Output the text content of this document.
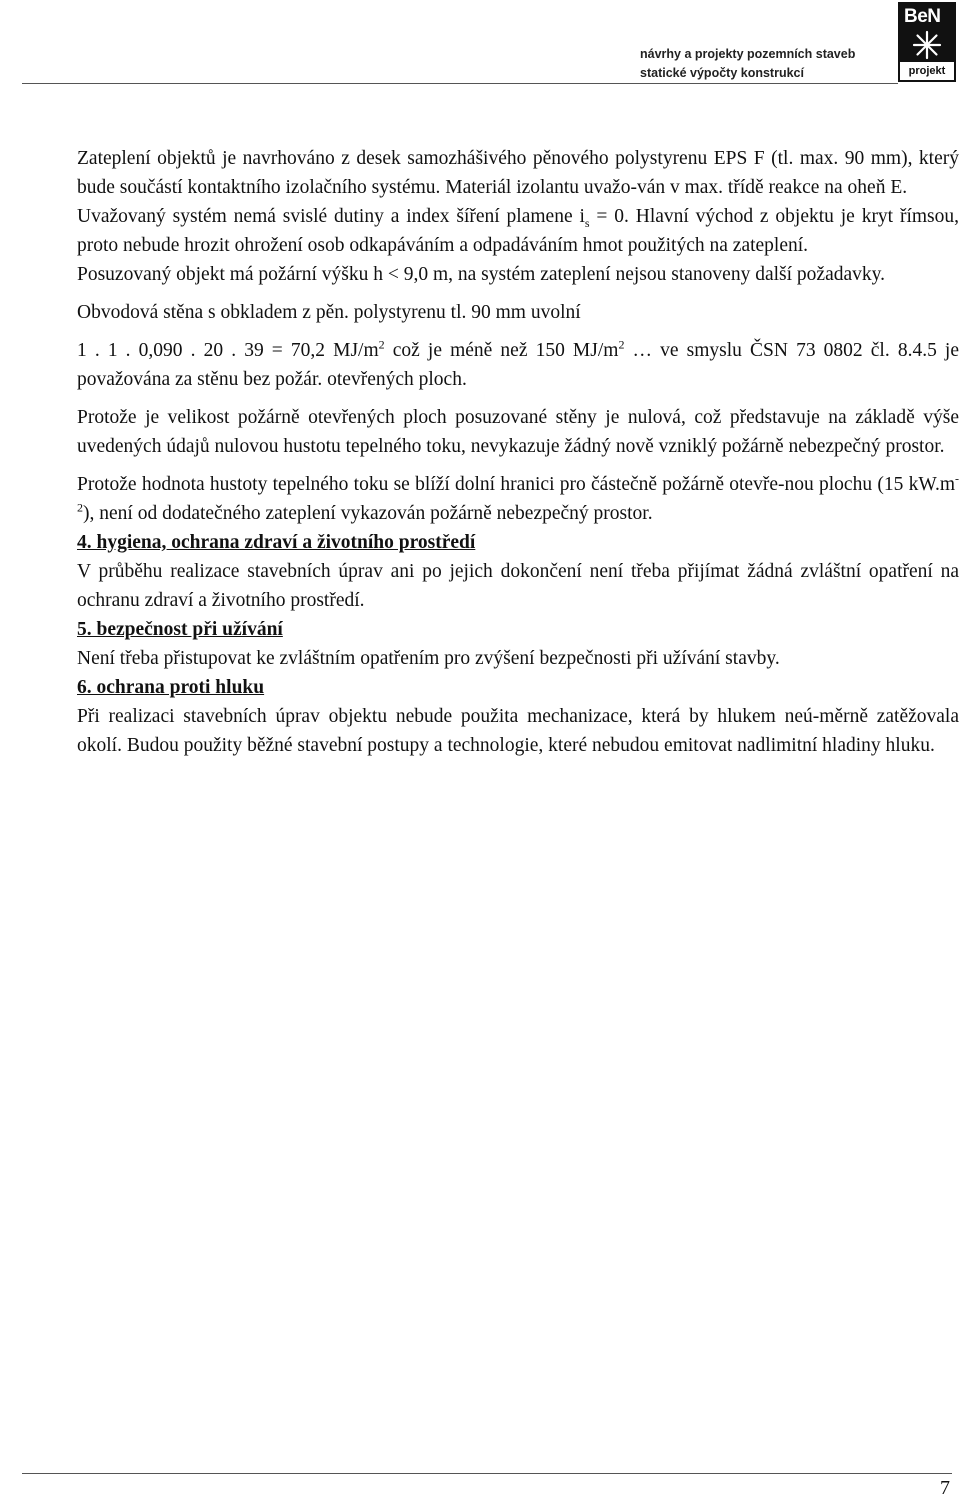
návrhy a projekty pozemních staveb
statické výpočty konstrukcí
BeN
projekt

Zateplení objektů je navrhováno z desek samozhášivého pěnového polystyrenu EPS F (tl. max. 90 mm), který bude součástí kontaktního izolačního systému. Materiál izolantu uvažo-ván v max. třídě reakce na oheň E.

Uvažovaný systém nemá svislé dutiny a index šíření plamene $i_s = 0$. Hlavní východ z objektu je kryt římsou, proto nebude hrozit ohrožení osob odkapáváním a odpadáváním hmot použitých na zateplení.

Posuzovaný objekt má požární výšku h < 9,0 m, na systém zateplení nejsou stanoveny další požadavky.

Obvodová stěna s obkladem z pěn. polystyrenu tl. 90 mm uvolní

1 . 1 . 0,090 . 20 . 39 = 70,2 $MJ/m^2$ což je méně než 150 $MJ/m^2$ … ve smyslu ČSN 73 0802 čl. 8.4.5 je považována za stěnu bez požár. otevřených ploch.

Protože je velikost požárně otevřených ploch posuzované stěny je nulová, což představuje na základě výše uvedených údajů nulovou hustotu tepelného toku, nevykazuje žádný nově vzniklý požárně nebezpečný prostor.

Protože hodnota hustoty tepelného toku se blíží dolní hranici pro částečně požárně otevře-nou plochu (15 $kW.m^{-2}$), není od dodatečného zateplení vykazován požárně nebezpečný prostor.

4. hygiena, ochrana zdraví a životního prostředí

V průběhu realizace stavebních úprav ani po jejich dokončení není třeba přijímat žádná zvláštní opatření na ochranu zdraví a životního prostředí.

5. bezpečnost při užívání

Není třeba přistupovat ke zvláštním opatřením pro zvýšení bezpečnosti při užívání stavby.

6. ochrana proti hluku

Při realizaci stavebních úprav objektu nebude použita mechanizace, která by hlukem neú-měrně zatěžovala okolí. Budou použity běžné stavební postupy a technologie, které nebudou emitovat nadlimitní hladiny hluku.

7
